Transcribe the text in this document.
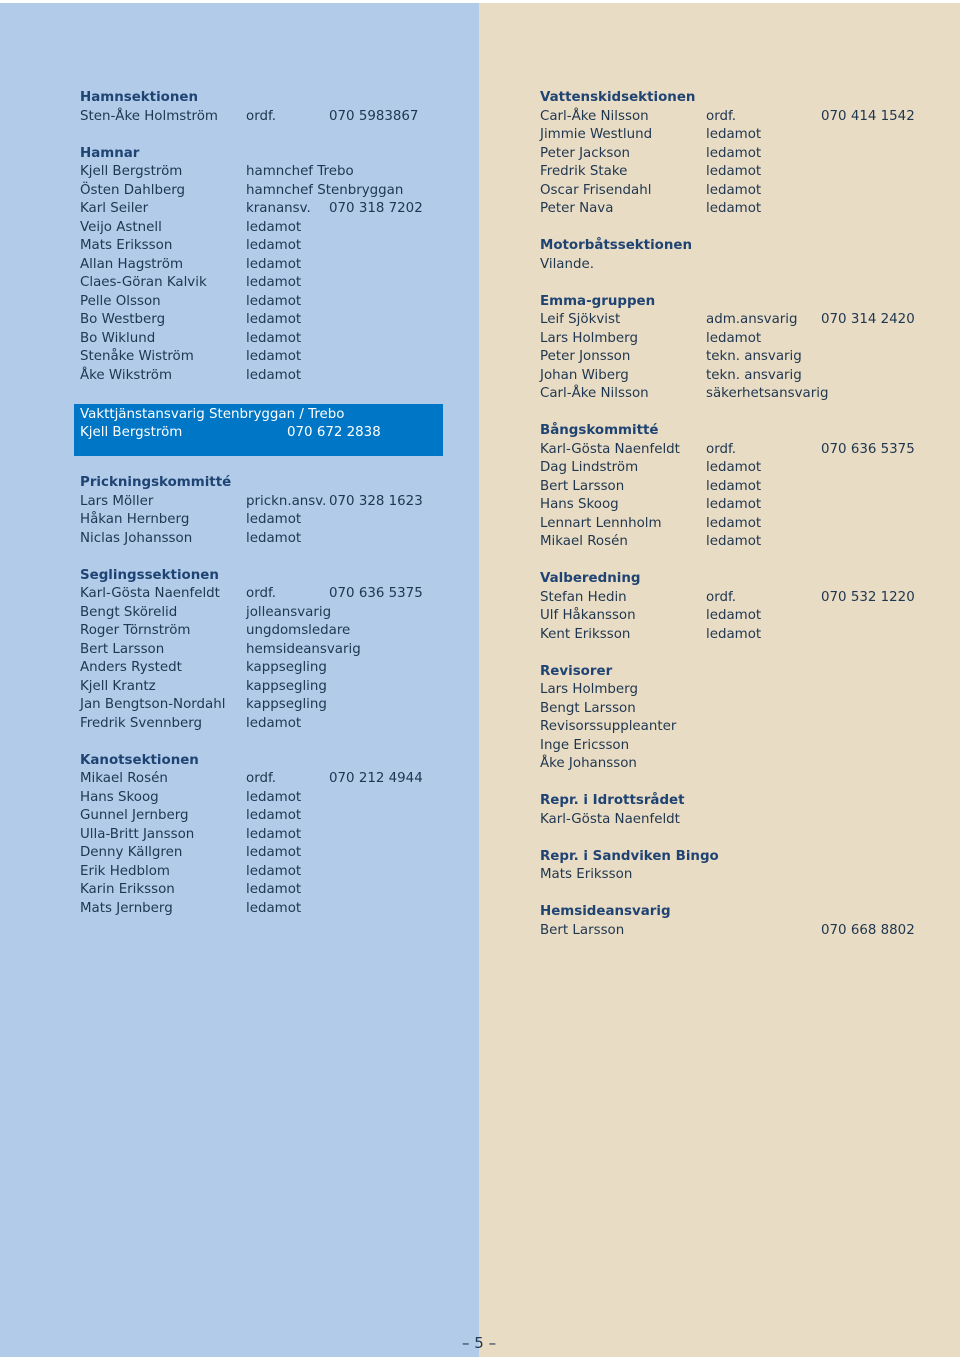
Hamnsektionen
Sten-Åke Holmström ordf.	070 5983867
Hamnar
Kjell Bergström	hamnchef Trebo
Östen Dahlberg	hamnchef Stenbryggan
Karl Seiler	kranansv. 070 318 7202
Veijo Astnell	ledamot
Mats Eriksson	ledamot
Allan Hagström	ledamot
Claes-Göran Kalvik	ledamot
Pelle Olsson	ledamot
Bo Westberg	ledamot
Bo Wiklund	ledamot
Stenåke Wiström	ledamot
Åke Wikström	ledamot
Vakttjänstansvarig Stenbryggan / Trebo
Kjell Bergström	070 672 2838
Prickningskommitté
Lars Möller	prickn.ansv. 070 328 1623
Håkan Hernberg	ledamot
Niclas Johansson	ledamot
Seglingssektionen
Karl-Gösta Naenfeldt ordf.	070 636 5375
Bengt Skörelid	jolleansvarig
Roger Törnström	ungdomsledare
Bert Larsson	hemsideansvarig
Anders Rystedt	kappsegling
Kjell Krantz	kappsegling
Jan Bengtson-Nordahl kappsegling
Fredrik Svennberg	ledamot
Kanotsektionen
Mikael Rosén	ordf.	070 212 4944
Hans Skoog	ledamot
Gunnel Jernberg	ledamot
Ulla-Britt Jansson	ledamot
Denny Källgren	ledamot
Erik Hedblom	ledamot
Karin Eriksson	ledamot
Mats Jernberg	ledamot
Vattenskidsektionen
Carl-Åke Nilsson	ordf.	070 414 1542
Jimmie Westlund	ledamot
Peter Jackson	ledamot
Fredrik Stake	ledamot
Oscar Frisendahl	ledamot
Peter Nava	ledamot
Motorbåtssektionen
Vilande.
Emma-gruppen
Leif Sjökvist	adm.ansvarig 070 314 2420
Lars Holmberg	ledamot
Peter Jonsson	tekn. ansvarig
Johan Wiberg	tekn. ansvarig
Carl-Åke Nilsson	säkerhetsansvarig
Bångskommitté
Karl-Gösta Naenfeldt ordf.	070 636 5375
Dag Lindström	ledamot
Bert Larsson	ledamot
Hans Skoog	ledamot
Lennart Lennholm	ledamot
Mikael Rosén	ledamot
Valberedning
Stefan Hedin	ordf.	070 532 1220
Ulf Håkansson	ledamot
Kent Eriksson	ledamot
Revisorer
Lars Holmberg
Bengt Larsson
Revisorssuppleanter
Inge Ericsson
Åke Johansson
Repr. i Idrottsrådet
Karl-Gösta Naenfeldt
Repr. i Sandviken Bingo
Mats Eriksson
Hemsideansvarig
Bert Larsson	070 668 8802
– 5 –
